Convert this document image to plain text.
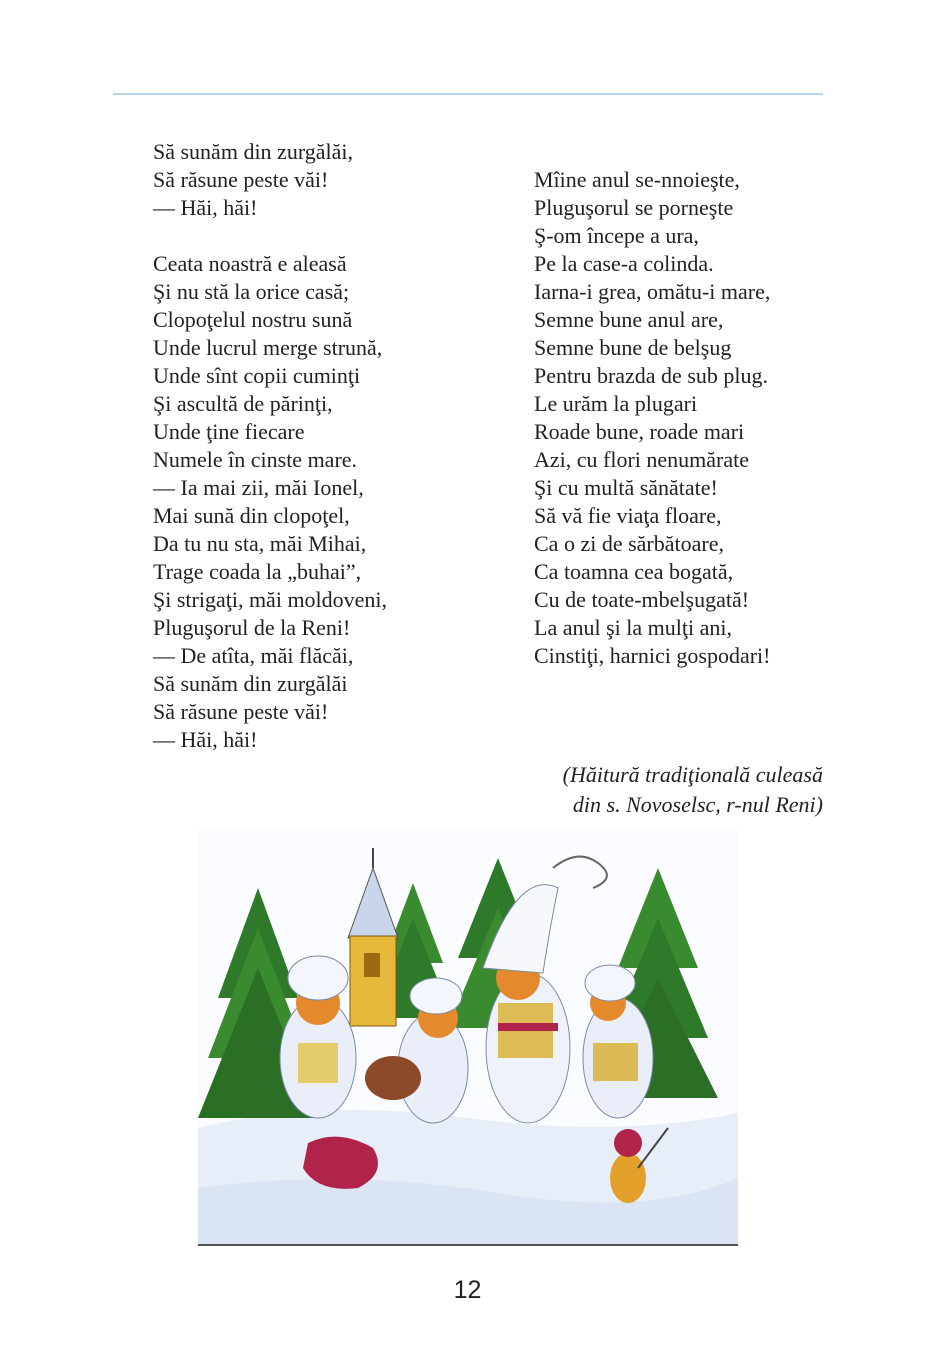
Să sunăm din zurgălăi,
Să răsune peste văi!
— Hăi, hăi!
Ceata noastră e aleasă
Şi nu stă la orice casă;
Clopoţelul nostru sună
Unde lucrul merge strună,
Unde sînt copii cuminţi
Şi ascultă de părinţi,
Unde ţine fiecare
Numele în cinste mare.
— Ia mai zii, măi Ionel,
Mai sună din clopoţel,
Da tu nu sta, măi Mihai,
Trage coada la „buhai”,
Şi strigaţi, măi moldoveni,
Pluguşorul de la Reni!
— De atîta, măi flăcăi,
Să sunăm din zurgălăi
Să răsune peste văi!
— Hăi, hăi!
Mîine anul se-nnoieşte,
Pluguşorul se porneşte
Ş-om începe a ura,
Pe la case-a colinda.
Iarna-i grea, omătu-i mare,
Semne bune anul are,
Semne bune de belşug
Pentru brazda de sub plug.
Le urăm la plugari
Roade bune, roade mari
Azi, cu flori nenumărate
Şi cu multă sănătate!
Să vă fie viaţa floare,
Ca o zi de sărbătoare,
Ca toamna cea bogată,
Cu de toate-mbelşugată!
La anul şi la mulţi ani,
Cinstiţi, harnici gospodari!
(Hăitură tradiţională culeasă
din s. Novoselsc, r-nul Reni)
12
